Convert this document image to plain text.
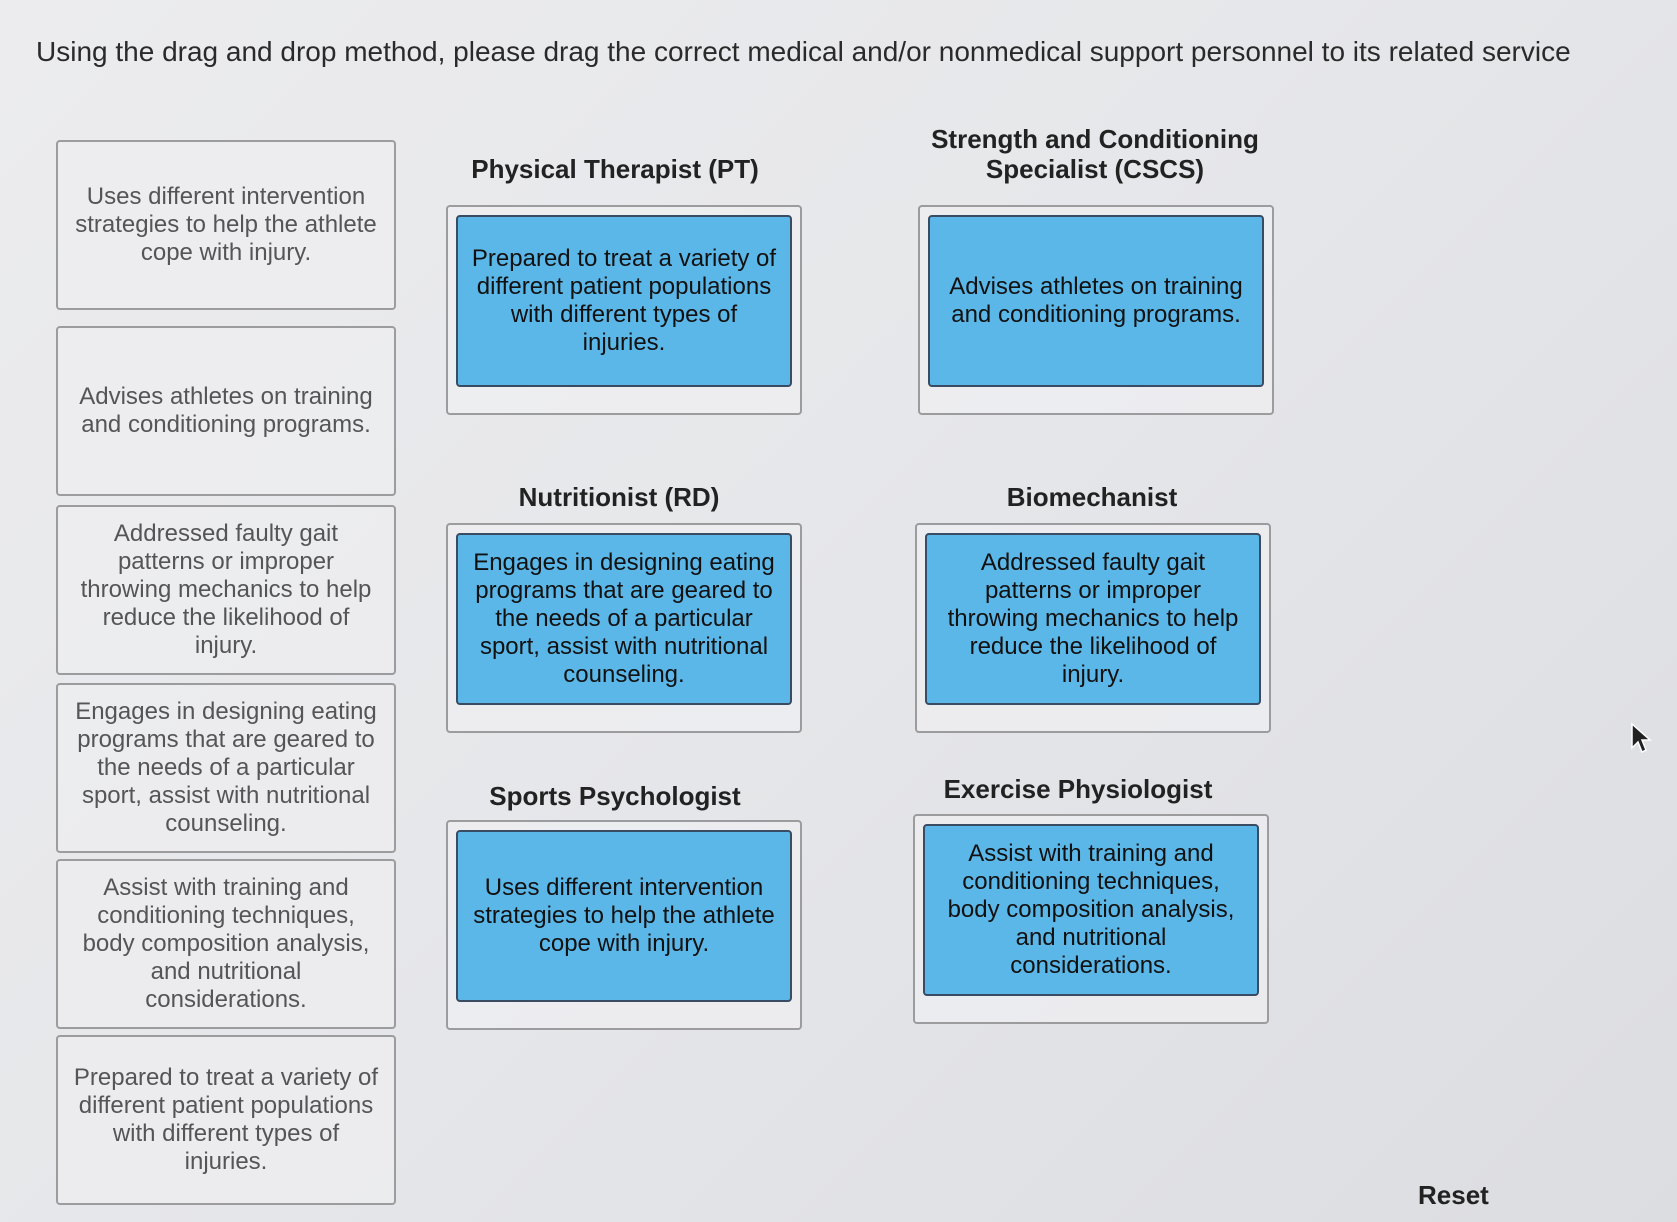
Using the drag and drop method, please drag the correct medical and/or nonmedical support personnel to its related service
Uses different intervention strategies to help the athlete cope with injury.
Advises athletes on training and conditioning programs.
Addressed faulty gait patterns or improper throwing mechanics to help reduce the likelihood of injury.
Engages in designing eating programs that are geared to the needs of a particular sport, assist with nutritional counseling.
Assist with training and conditioning techniques, body composition analysis, and nutritional considerations.
Prepared to treat a variety of different patient populations with different types of injuries.
Physical Therapist (PT)
Prepared to treat a variety of different patient populations with different types of injuries.
Strength and Conditioning Specialist (CSCS)
Advises athletes on training and conditioning programs.
Nutritionist (RD)
Engages in designing eating programs that are geared to the needs of a particular sport, assist with nutritional counseling.
Biomechanist
Addressed faulty gait patterns or improper throwing mechanics to help reduce the likelihood of injury.
Sports Psychologist
Uses different intervention strategies to help the athlete cope with injury.
Exercise Physiologist
Assist with training and conditioning techniques, body composition analysis, and nutritional considerations.
Reset
